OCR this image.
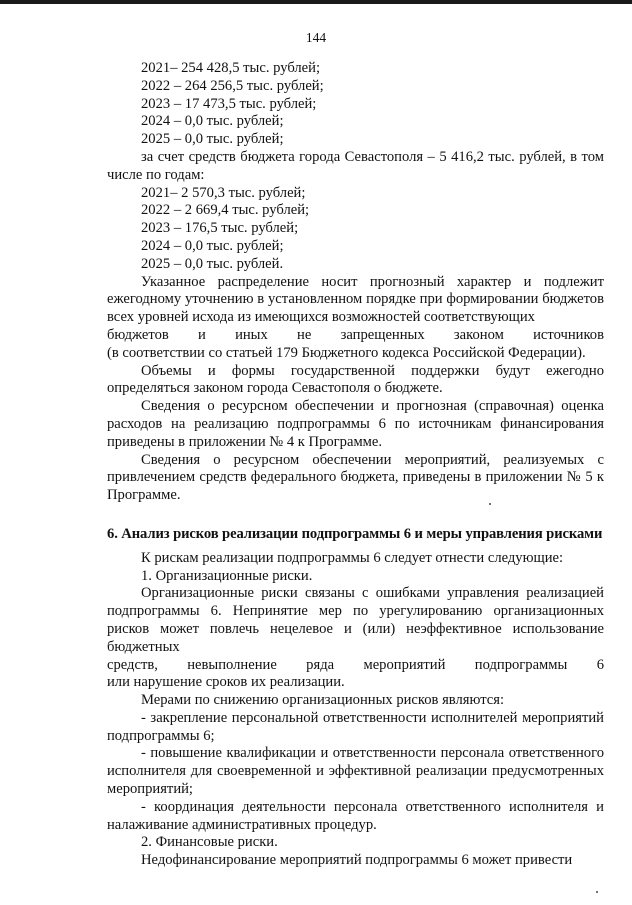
144

2021– 254 428,5 тыс. рублей;

2022 – 264 256,5 тыс. рублей;

2023 – 17 473,5 тыс. рублей;

2024 – 0,0 тыс. рублей;

2025 – 0,0 тыс. рублей;

за счет средств бюджета города Севастополя – 5 416,2 тыс. рублей, в том числе по годам:

2021– 2 570,3 тыс. рублей;

2022 – 2 669,4 тыс. рублей;

2023 – 176,5 тыс. рублей;

2024 – 0,0 тыс. рублей;

2025 – 0,0 тыс. рублей.

Указанное распределение носит прогнозный характер и подлежит ежегодному уточнению в установленном порядке при формировании бюджетов всех уровней исхода из имеющихся возможностей соответствующих

бюджетов и иных не запрещенных законом источников

(в соответствии со статьей 179 Бюджетного кодекса Российской Федерации).

Объемы и формы государственной поддержки будут ежегодно определяться законом города Севастополя о бюджете.

Сведения о ресурсном обеспечении и прогнозная (справочная) оценка расходов на реализацию подпрограммы 6 по источникам финансирования приведены в приложении № 4 к Программе.

Сведения о ресурсном обеспечении мероприятий, реализуемых с привлечением средств федерального бюджета, приведены в приложении № 5 к Программе.

6. Анализ рисков реализации подпрограммы 6 и меры управления рисками

К рискам реализации подпрограммы 6 следует отнести следующие:

1. Организационные риски.

Организационные риски связаны с ошибками управления реализацией подпрограммы 6. Непринятие мер по урегулированию организационных рисков может повлечь нецелевое и (или) неэффективное использование бюджетных

средств, невыполнение ряда мероприятий подпрограммы 6

или нарушение сроков их реализации.

Мерами по снижению организационных рисков являются:

- закрепление персональной ответственности исполнителей мероприятий подпрограммы 6;

- повышение квалификации и ответственности персонала ответственного исполнителя для своевременной и эффективной реализации предусмотренных мероприятий;

- координация деятельности персонала ответственного исполнителя и налаживание административных процедур.

2. Финансовые риски.

Недофинансирование мероприятий подпрограммы 6 может привести
